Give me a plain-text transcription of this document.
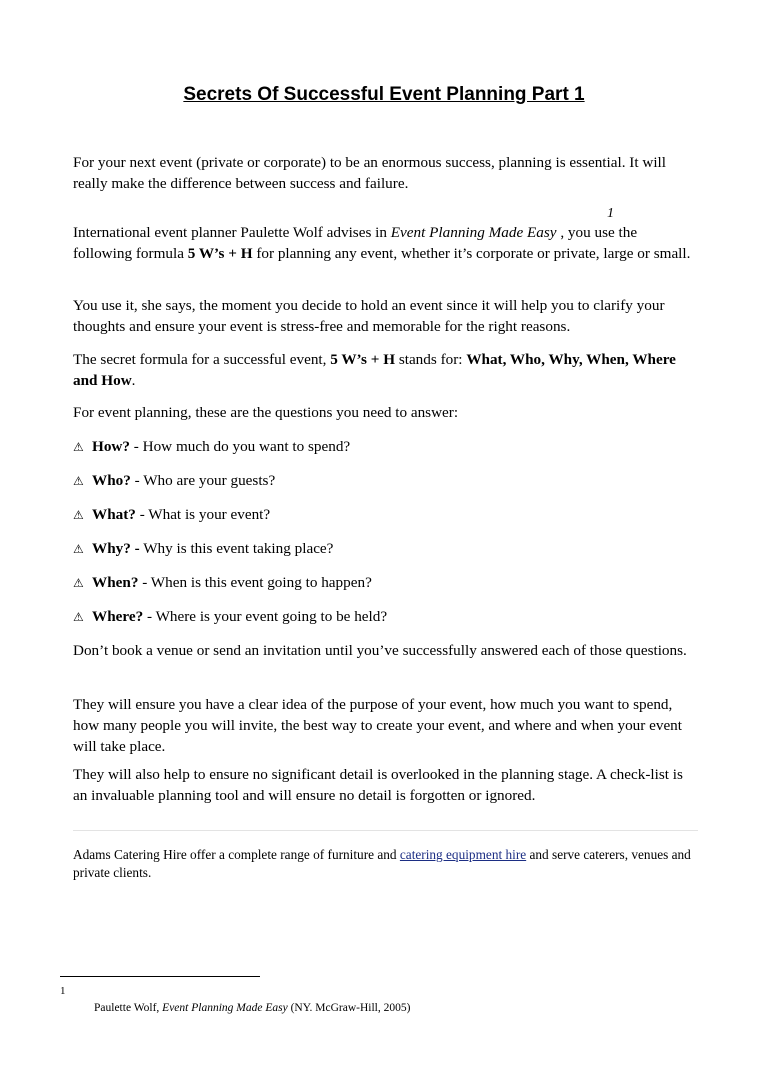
Secrets Of Successful Event Planning Part 1

For your next event (private or corporate) to be an enormous success, planning is essential. It will really make the difference between success and failure.

1

International event planner Paulette Wolf advises in Event Planning Made Easy , you use the following formula 5 W’s + H for planning any event, whether it’s corporate or private, large or small.

You use it, she says, the moment you decide to hold an event since it will help you to clarify your thoughts and ensure your event is stress-free and memorable for the right reasons.

The secret formula for a successful event, 5 W’s + H stands for: What, Who, Why, When, Where and How.

For event planning, these are the questions you need to answer:

⚠ How? - How much do you want to spend?
⚠ Who? - Who are your guests?
⚠ What? - What is your event?
⚠ Why? - Why is this event taking place?
⚠ When? - When is this event going to happen?
⚠ Where? - Where is your event going to be held?

Don’t book a venue or send an invitation until you’ve successfully answered each of those questions.

They will ensure you have a clear idea of the purpose of your event, how much you want to spend, how many people you will invite, the best way to create your event, and where and when your event will take place.

They will also help to ensure no significant detail is overlooked in the planning stage. A check-list is an invaluable planning tool and will ensure no detail is forgotten or ignored.

Adams Catering Hire offer a complete range of furniture and catering equipment hire and serve caterers, venues and private clients.
1
Paulette Wolf, Event Planning Made Easy (NY. McGraw-Hill, 2005)
